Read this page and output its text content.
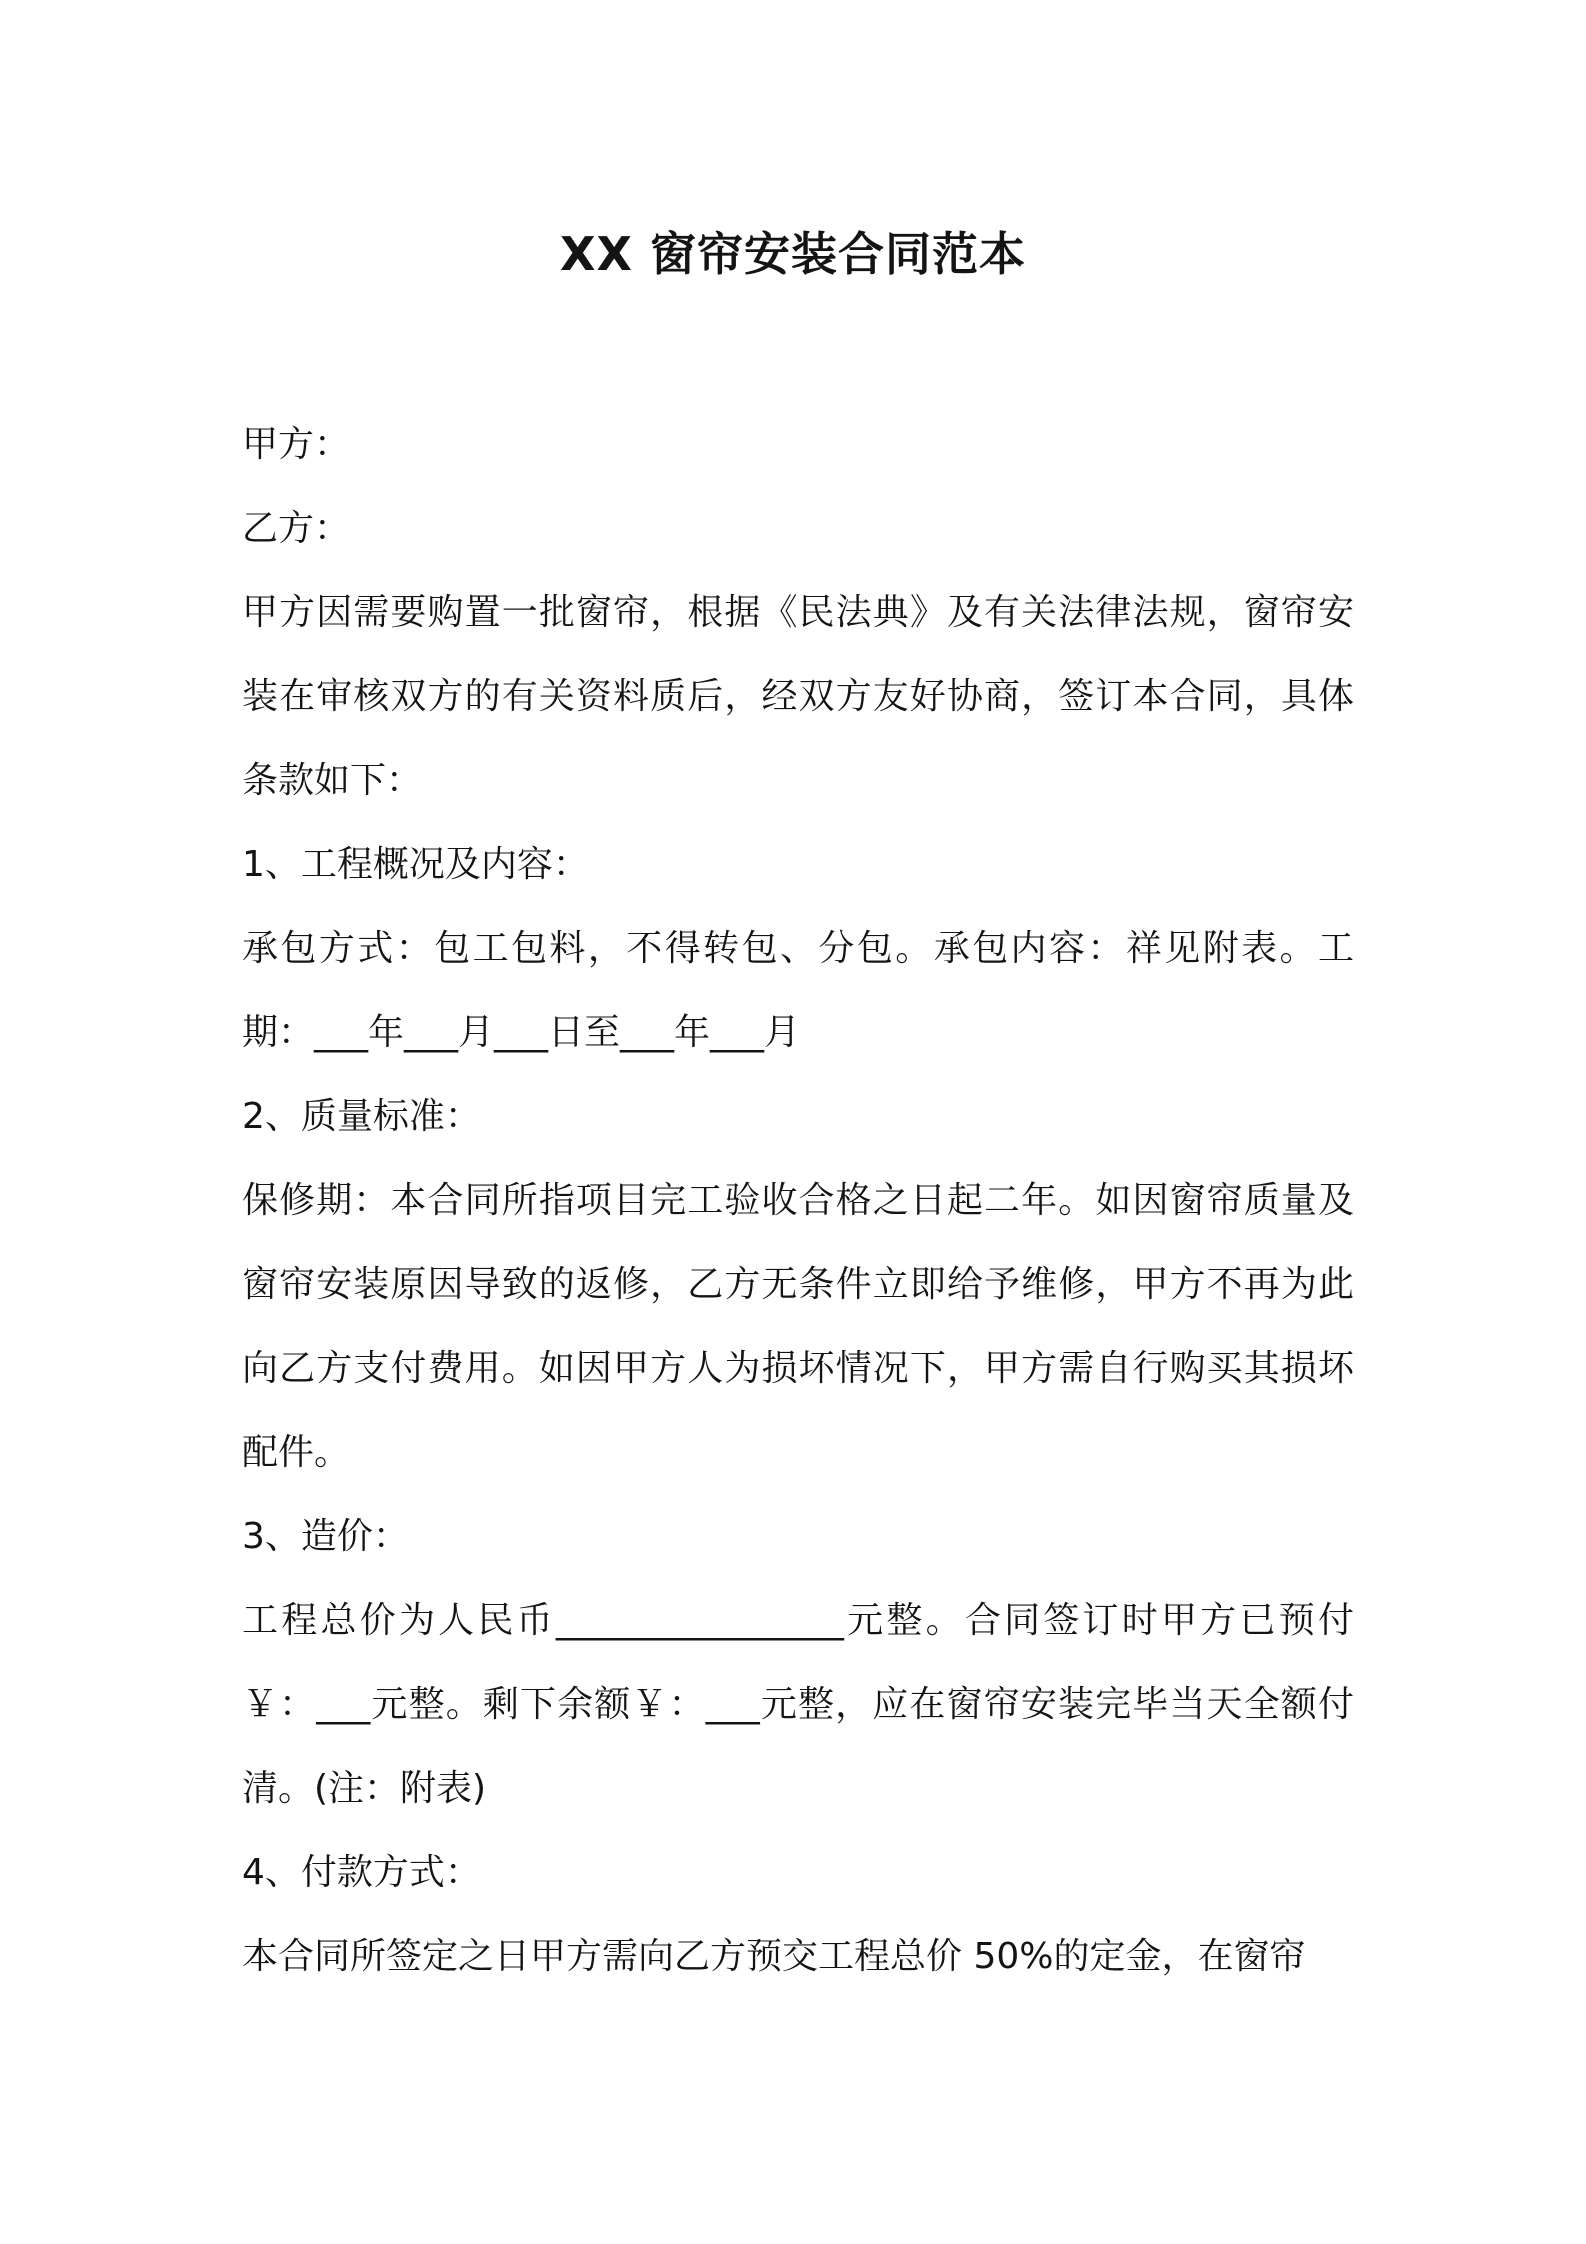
XX 窗帘安装合同范本

甲方：

乙方：

甲方因需要购置一批窗帘，根据《民法典》及有关法律法规，窗帘安装在审核双方的有关资料质后，经双方友好协商，签订本合同，具体条款如下：

1、工程概况及内容：

承包方式：包工包料，不得转包、分包。承包内容：祥见附表。工期：___年___月___日至___年___月

2、质量标准：

保修期：本合同所指项目完工验收合格之日起二年。如因窗帘质量及窗帘安装原因导致的返修，乙方无条件立即给予维修，甲方不再为此向乙方支付费用。如因甲方人为损坏情况下，甲方需自行购买其损坏配件。

3、造价：

工程总价为人民币________________元整。合同签订时甲方已预付￥：___元整。剩下余额￥：___元整，应在窗帘安装完毕当天全额付清。(注：附表)

4、付款方式：

本合同所签定之日甲方需向乙方预交工程总价 50%的定金，在窗帘
